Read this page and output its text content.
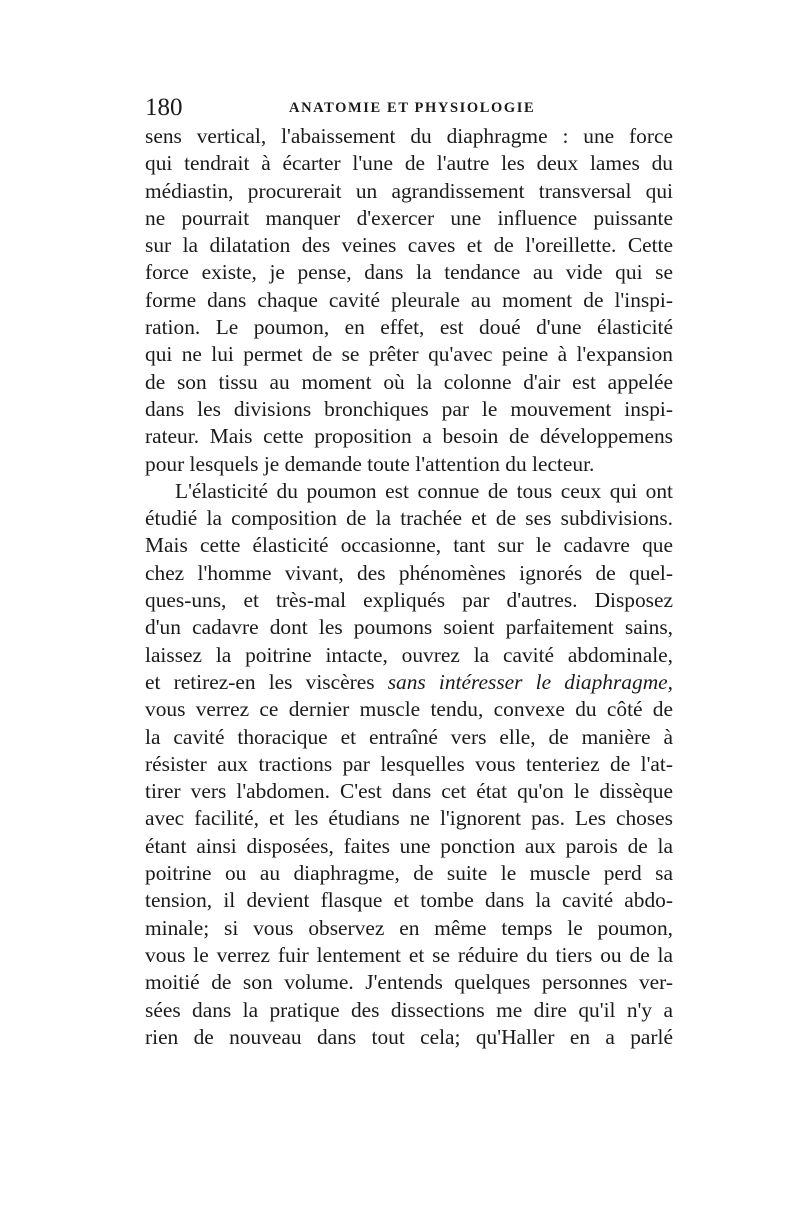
180	ANATOMIE ET PHYSIOLOGIE
sens vertical, l'abaissement du diaphragme : une force
qui tendrait à écarter l'une de l'autre les deux lames du
médiastin, procurerait un agrandissement transversal qui
ne pourrait manquer d'exercer une influence puissante
sur la dilatation des veines caves et de l'oreillette. Cette
force existe, je pense, dans la tendance au vide qui se
forme dans chaque cavité pleurale au moment de l'inspi-
ration. Le poumon, en effet, est doué d'une élasticité
qui ne lui permet de se prêter qu'avec peine à l'expansion
de son tissu au moment où la colonne d'air est appelée
dans les divisions bronchiques par le mouvement inspi-
rateur. Mais cette proposition a besoin de développemens
pour lesquels je demande toute l'attention du lecteur.
L'élasticité du poumon est connue de tous ceux qui ont
étudié la composition de la trachée et de ses subdivisions.
Mais cette élasticité occasionne, tant sur le cadavre que
chez l'homme vivant, des phénomènes ignorés de quel-
ques-uns, et très-mal expliqués par d'autres. Disposez
d'un cadavre dont les poumons soient parfaitement sains,
laissez la poitrine intacte, ouvrez la cavité abdominale,
et retirez-en les viscères sans intéresser le diaphragme,
vous verrez ce dernier muscle tendu, convexe du côté de
la cavité thoracique et entraîné vers elle, de manière à
résister aux tractions par lesquelles vous tenteriez de l'at-
tirer vers l'abdomen. C'est dans cet état qu'on le dissèque
avec facilité, et les étudians ne l'ignorent pas. Les choses
étant ainsi disposées, faites une ponction aux parois de la
poitrine ou au diaphragme, de suite le muscle perd sa
tension, il devient flasque et tombe dans la cavité abdo-
minale; si vous observez en même temps le poumon,
vous le verrez fuir lentement et se réduire du tiers ou de la
moitié de son volume. J'entends quelques personnes ver-
sées dans la pratique des dissections me dire qu'il n'y a
rien de nouveau dans tout cela; qu'Haller en a parlé
